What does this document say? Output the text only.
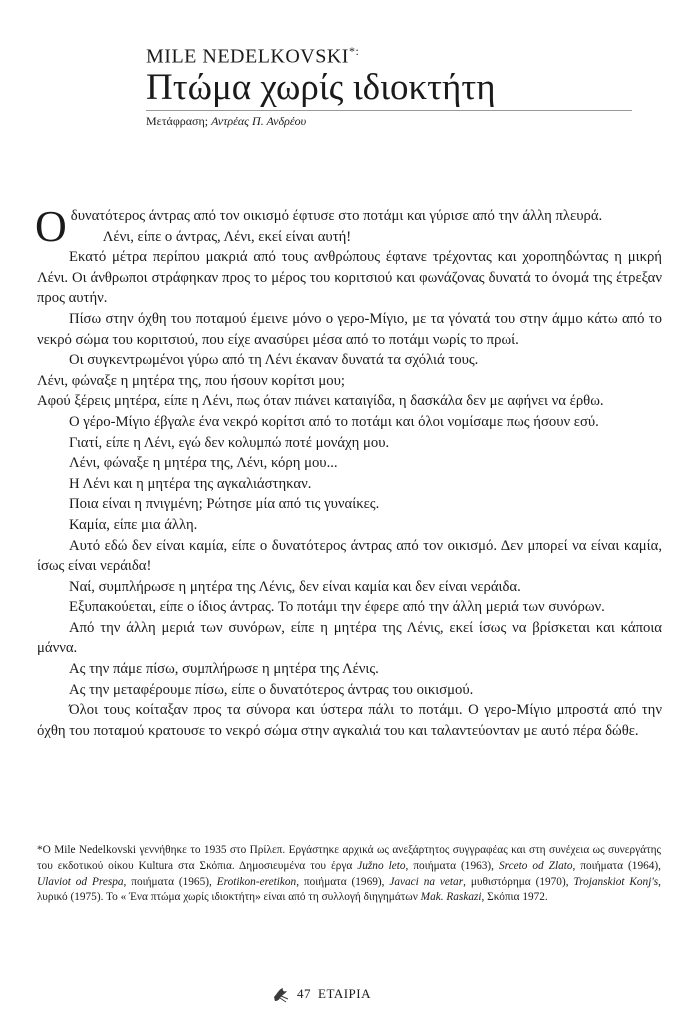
MILE NEDELKOVSKI*:
Πτώμα χωρίς ιδιοκτήτη
Μετάφραση; Αντρέας Π. Ανδρέου

Οδυνατότερος άντρας από τον οικισμό έφτυσε στο ποτάμι και γύρισε από την άλλη πλευρά.

Λένι, είπε ο άντρας, Λένι, εκεί είναι αυτή!

Εκατό μέτρα περίπου μακριά από τους ανθρώπους έφτανε τρέχοντας και χοροπηδώντας η μικρή Λένι. Οι άνθρωποι στράφηκαν προς το μέρος του κοριτσιού και φωνάζονας δυνατά το όνομά της έτρεξαν προς αυτήν.

Πίσω στην όχθη του ποταμού έμεινε μόνο ο γερο-Μίγιο, με τα γόνατά του στην άμμο κάτω από το νεκρό σώμα του κοριτσιού, που είχε ανασύρει μέσα από το ποτάμι νωρίς το πρωί.

Οι συγκεντρωμένοι γύρω από τη Λένι έκαναν δυνατά τα σχόλιά τους.

Λένι, φώναξε η μητέρα της, που ήσουν κορίτσι μου;

Αφού ξέρεις μητέρα, είπε η Λένι, πως όταν πιάνει καταιγίδα, η δασκάλα δεν με αφήνει να έρθω.

Ο γέρο-Μίγιο έβγαλε ένα νεκρό κορίτσι από το ποτάμι και όλοι νομίσαμε πως ήσουν εσύ.

Γιατί, είπε η Λένι, εγώ δεν κολυμπώ ποτέ μονάχη μου.

Λένι, φώναξε η μητέρα της, Λένι, κόρη μου...

Η Λένι και η μητέρα της αγκαλιάστηκαν.

Ποια είναι η πνιγμένη; Ρώτησε μία από τις γυναίκες.

Καμία, είπε μια άλλη.

Αυτό εδώ δεν είναι καμία, είπε ο δυνατότερος άντρας από τον οικισμό. Δεν μπορεί να είναι καμία, ίσως είναι νεράιδα!

Ναί, συμπλήρωσε η μητέρα της Λένις, δεν είναι καμία και δεν είναι νεράιδα.

Εξυπακούεται, είπε ο ίδιος άντρας. Το ποτάμι την έφερε από την άλλη μεριά των συνόρων.

Από την άλλη μεριά των συνόρων, είπε η μητέρα της Λένις, εκεί ίσως να βρίσκεται και κάποια μάννα.

Ας την πάμε πίσω, συμπλήρωσε η μητέρα της Λένις.

Ας την μεταφέρουμε πίσω, είπε ο δυνατότερος άντρας του οικισμού.

Όλοι τους κοίταξαν προς τα σύνορα και ύστερα πάλι το ποτάμι. Ο γερο-Μίγιο μπροστά από την όχθη του ποταμού κρατουσε το νεκρό σώμα στην αγκαλιά του και ταλαντεύονταν με αυτό πέρα δώθε.

*Ο Mile Nedelkovski γεννήθηκε το 1935 στο Πρίλεπ. Εργάστηκε αρχικά ως ανεξάρτητος συγγραφέας και στη συνέχεια ως συνεργάτης του εκδοτικού οίκου Kultura στα Σκόπια. Δημοσιευμένα του έργα Južno leto, ποιήματα (1963), Srceto od Zlato, ποιήματα (1964), Ulaviot od Prespa, ποιήματα (1965), Erotikon-eretikon, ποιήματα (1969), Javaci na vetar, μυθιστόρημα (1970), Trojanskiot Konj's, λυρικό (1975). Το « Ένα πτώμα χωρίς ιδιοκτήτη» είναι από τη συλλογή διηγημάτων Mak. Raskazi, Σκόπια 1972.
47 ΕΤΑΙΡΙΑ
